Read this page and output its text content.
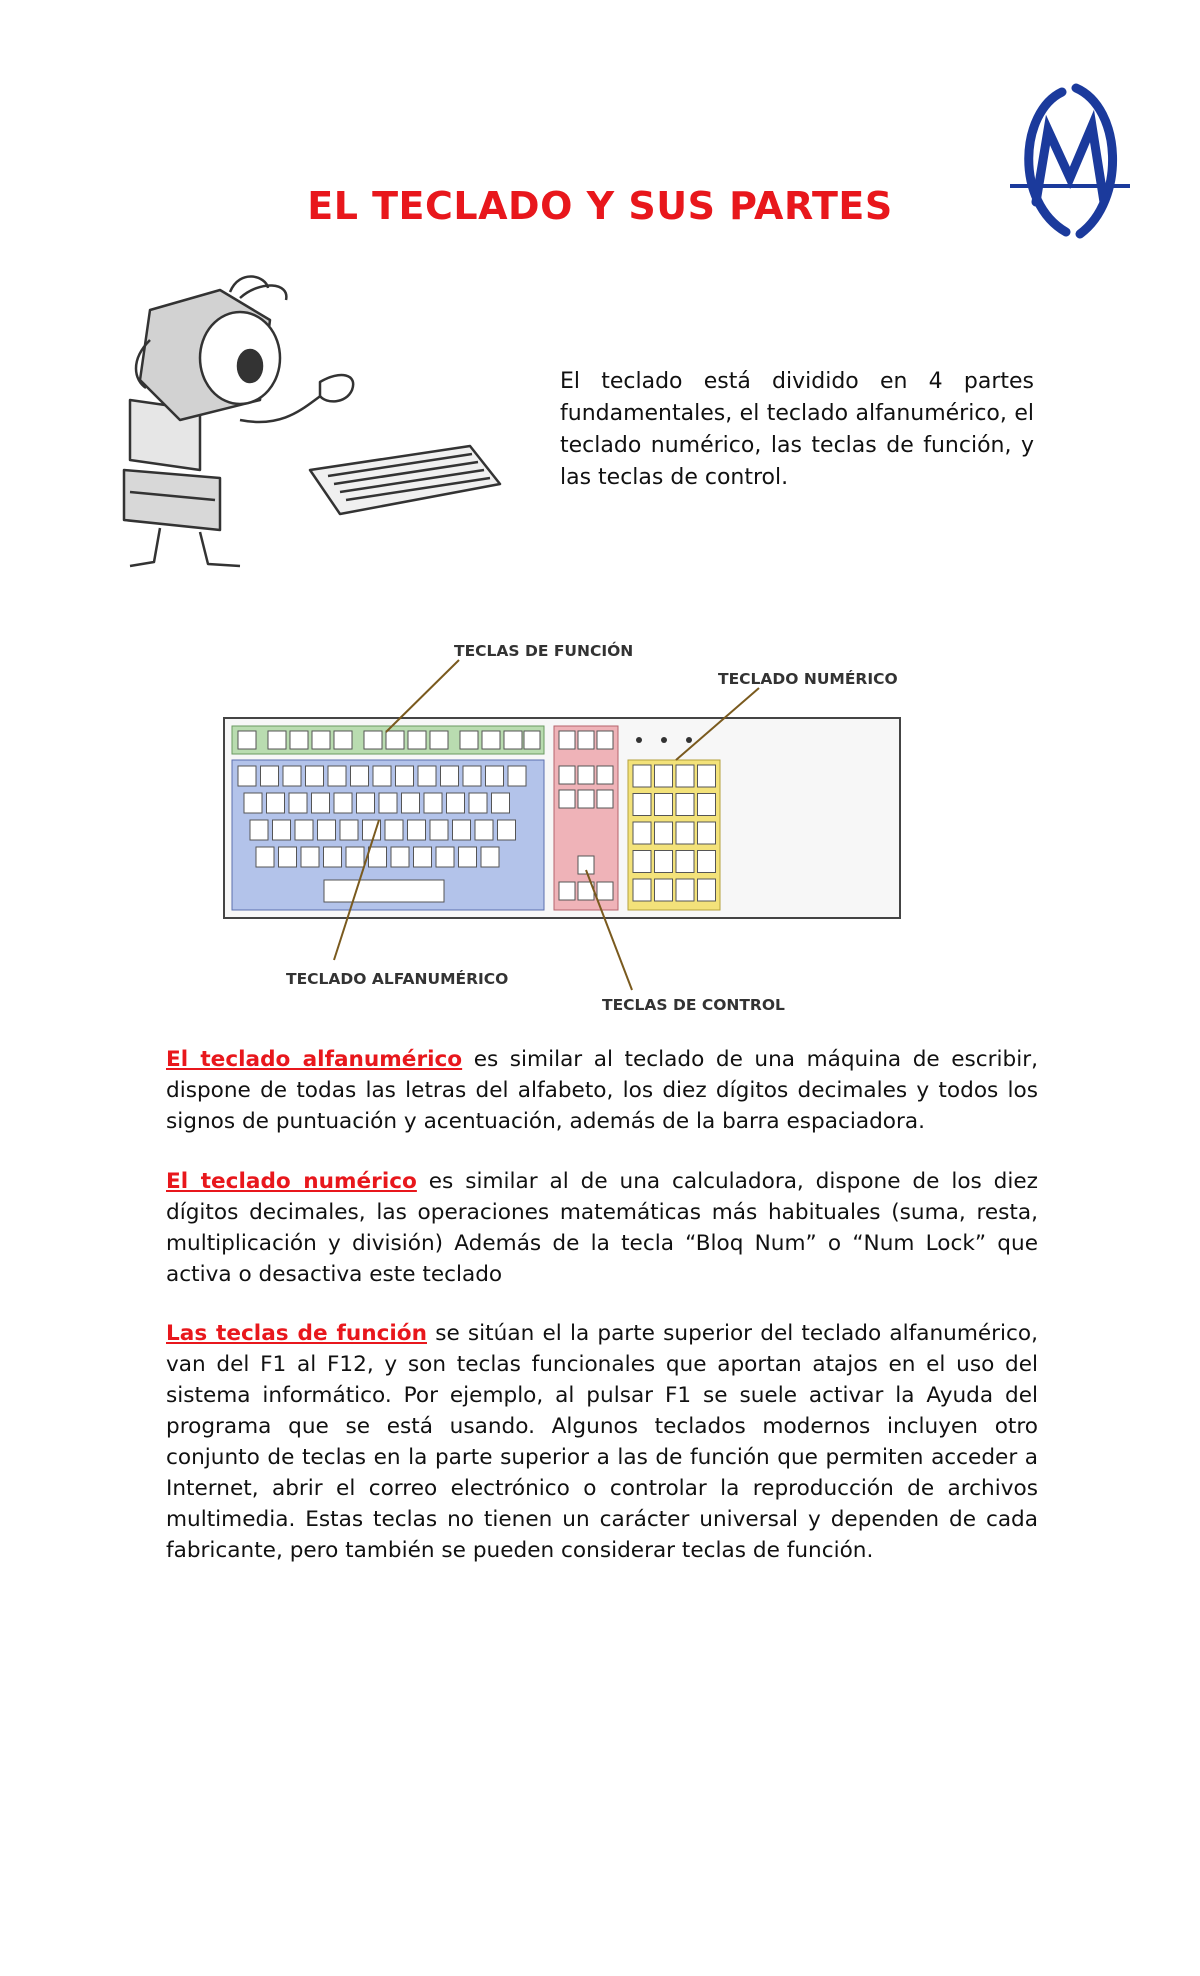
EL TECLADO Y SUS PARTES
El teclado está dividido en 4 partes fundamentales, el teclado alfanumérico, el teclado numérico, las teclas de función, y las teclas de control.
TECLAS DE FUNCIÓN
TECLADO NUMÉRICO
TECLADO ALFANUMÉRICO
TECLAS DE CONTROL
El teclado alfanumérico es similar al teclado de una máquina de escribir, dispone de todas las letras del alfabeto, los diez dígitos decimales y todos los signos de puntuación y acentuación, además de la barra espaciadora.
El teclado numérico es similar al de una calculadora, dispone de los diez dígitos decimales, las operaciones matemáticas más habituales (suma, resta, multiplicación y división) Además de la tecla “Bloq Num” o “Num Lock” que activa o desactiva este teclado
Las teclas de función se sitúan el la parte superior del teclado alfanumérico, van del F1 al F12, y son teclas funcionales que aportan atajos en el uso del sistema informático. Por ejemplo, al pulsar F1 se suele activar la Ayuda del programa que se está usando. Algunos teclados modernos incluyen otro conjunto de teclas en la parte superior a las de función que permiten acceder a Internet, abrir el correo electrónico o controlar la reproducción de archivos multimedia. Estas teclas no tienen un carácter universal y dependen de cada fabricante, pero también se pueden considerar teclas de función.
